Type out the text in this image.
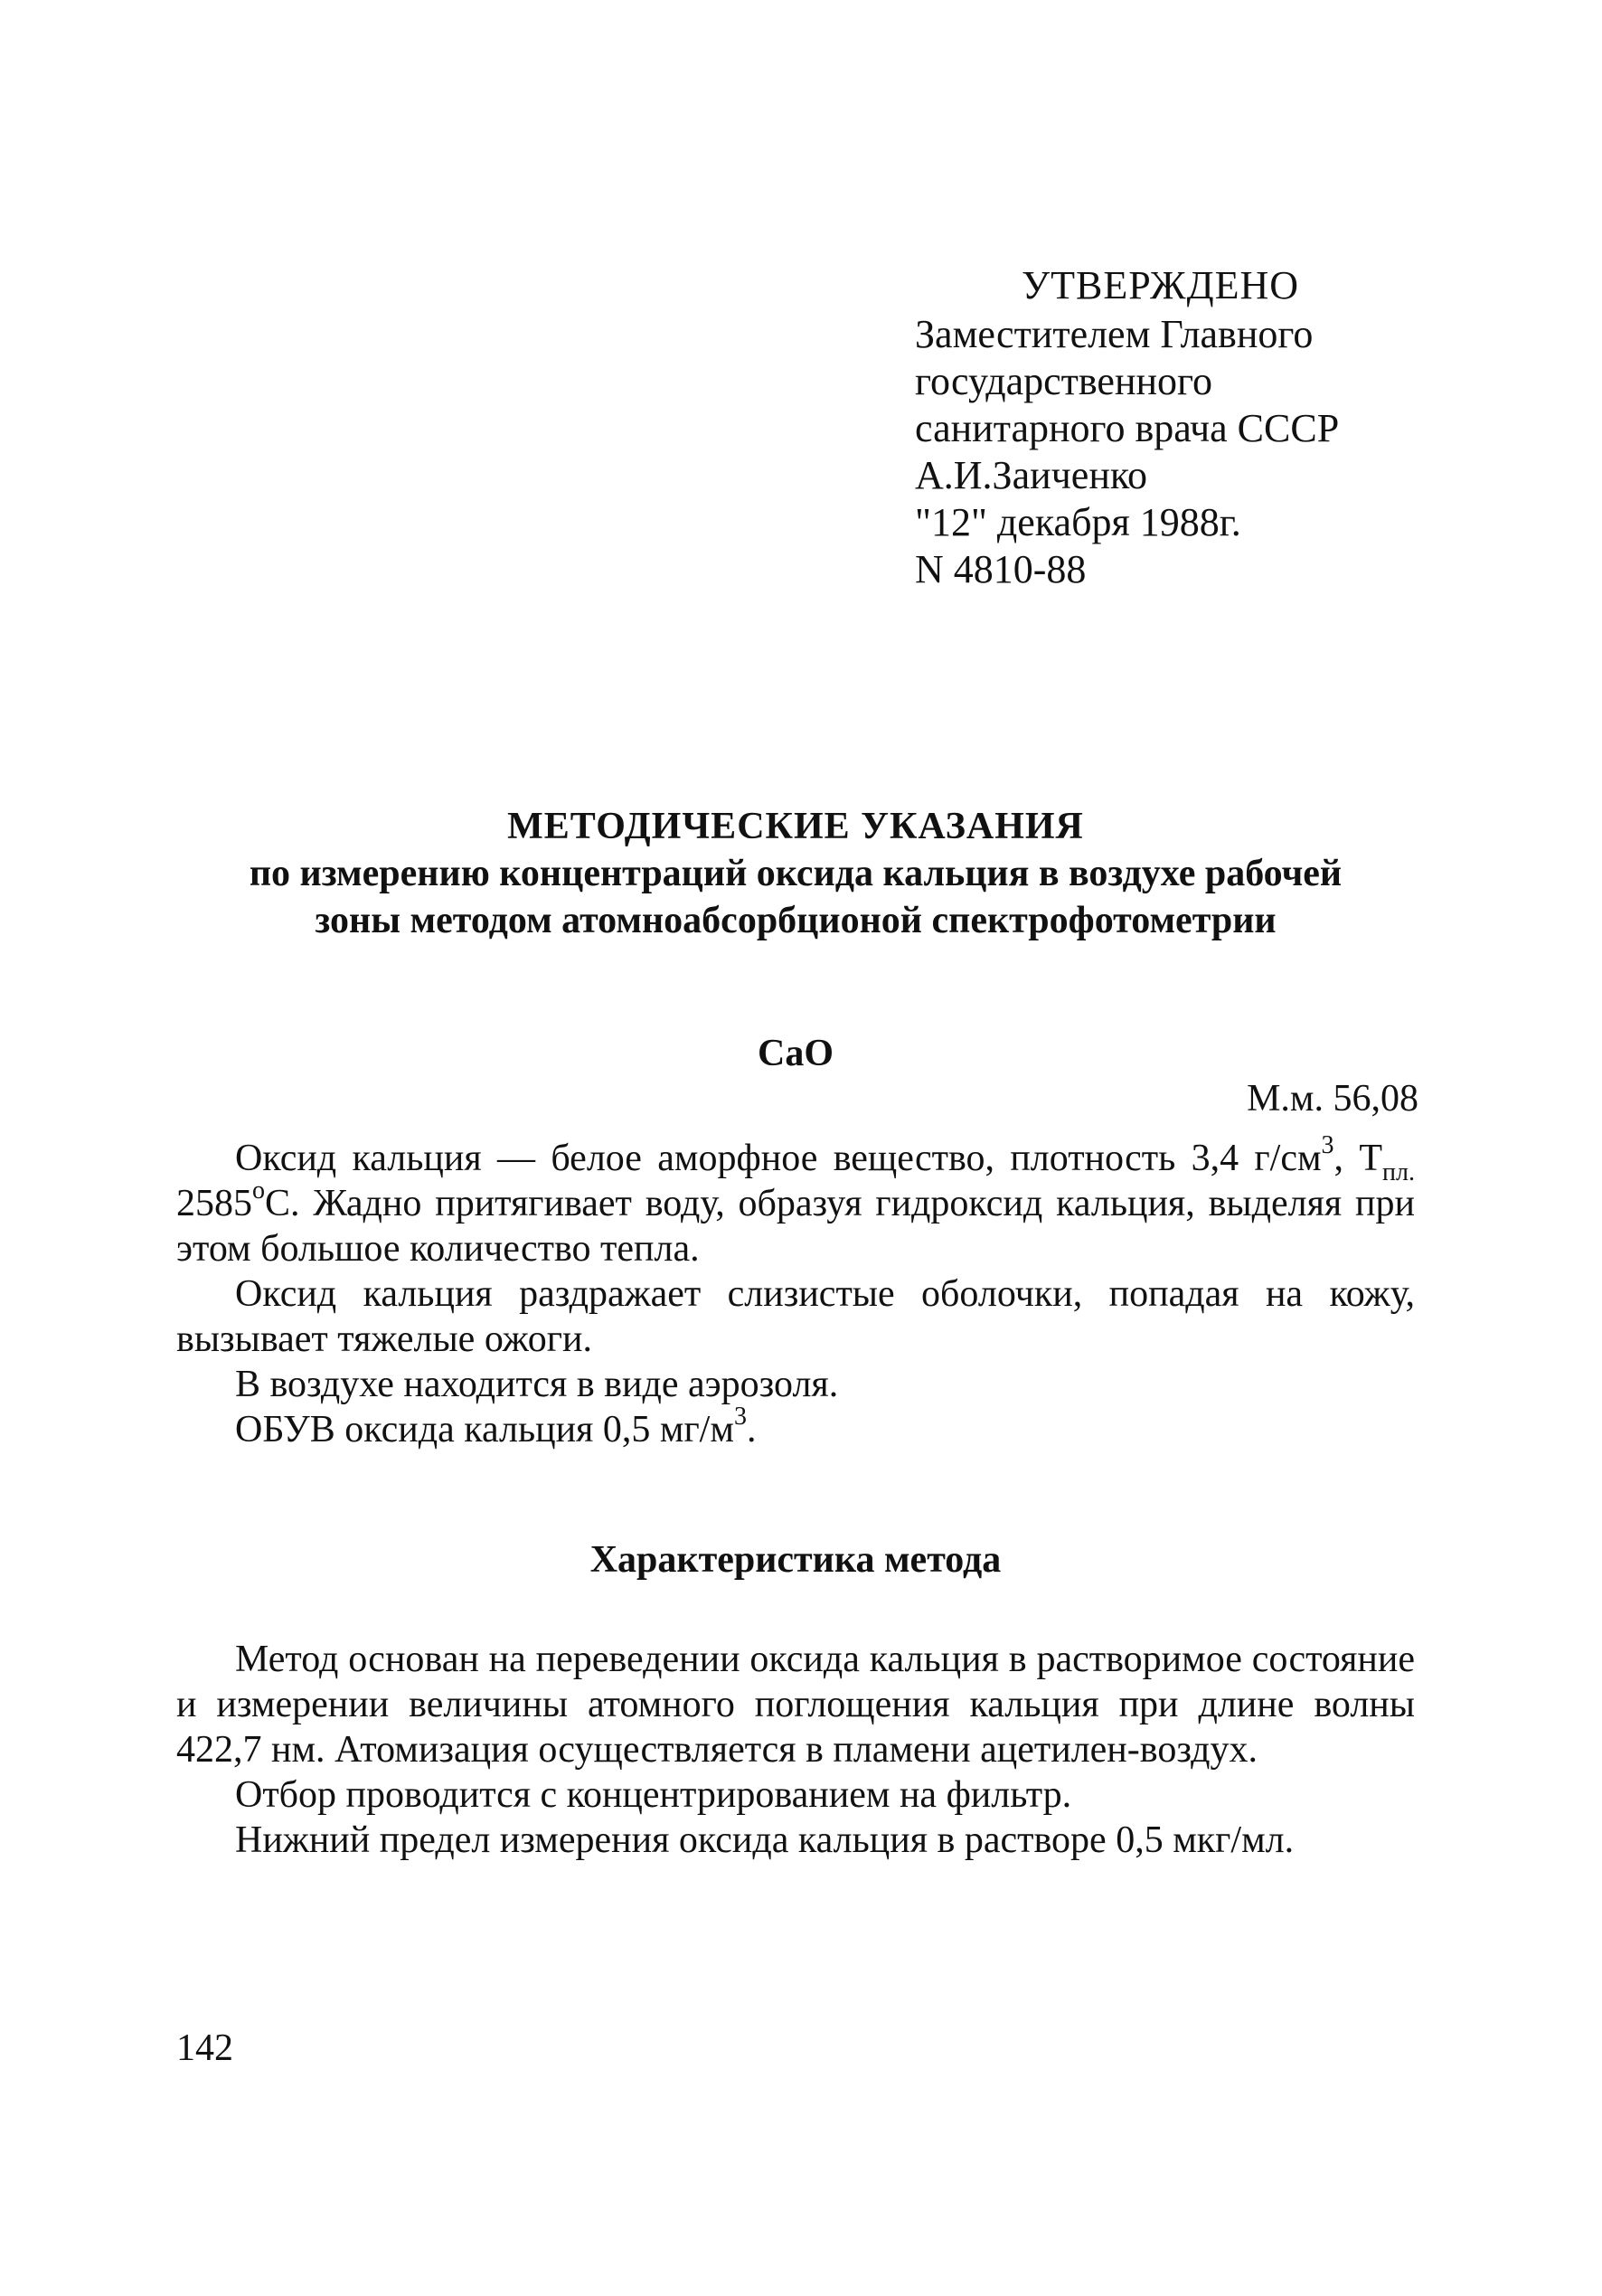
УТВЕРЖДЕНО
Заместителем Главного
государственного
санитарного врача СССР
А.И.Заиченко
"12" декабря 1988г.
N 4810-88
МЕТОДИЧЕСКИЕ УКАЗАНИЯ
по измерению концентраций оксида кальция в воздухе рабочей
зоны методом атомноабсорбционой спектрофотометрии
CaO
М.м. 56,08

Оксид кальция — белое аморфное вещество, плотность 3,4 $г/см^3$, $Т_{пл.}$ $2585^оС$. Жадно притягивает воду, образуя гидроксид кальция, выделяя при этом большое количество тепла.

Оксид кальция раздражает слизистые оболочки, попадая на кожу, вызывает тяжелые ожоги.

В воздухе находится в виде аэрозоля.

ОБУВ оксида кальция 0,5 $мг/м^3$.

Характеристика метода

Метод основан на переведении оксида кальция в растворимое состояние и измерении величины атомного поглощения кальция при длине волны 422,7 нм. Атомизация осуществляется в пламени ацетилен-воздух.

Отбор проводится с концентрированием на фильтр.

Нижний предел измерения оксида кальция в растворе 0,5 мкг/мл.

142
